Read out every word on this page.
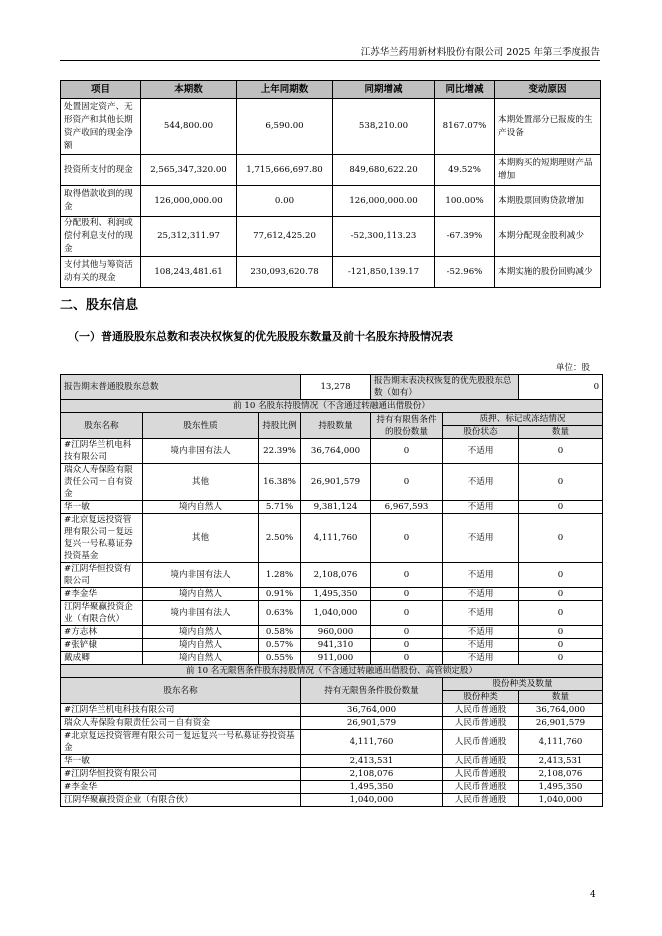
江苏华兰药用新材料股份有限公司 2025 年第三季度报告
项目	本期数	上年同期数	同期增减	同比增减	变动原因
处置固定资产、无形资产和其他长期资产收回的现金净额	544,800.00	6,590.00	538,210.00	8167.07%	本期处置部分已报废的生产设备
投资所支付的现金	2,565,347,320.00	1,715,666,697.80	849,680,622.20	49.52%	本期购买的短期理财产品增加
取得借款收到的现金	126,000,000.00	0.00	126,000,000.00	100.00%	本期股票回购贷款增加
分配股利、利润或偿付利息支付的现金	25,312,311.97	77,612,425.20	-52,300,113.23	-67.39%	本期分配现金股利减少
支付其他与筹资活动有关的现金	108,243,481.61	230,093,620.78	-121,850,139.17	-52.96%	本期实施的股份回购减少
二、股东信息
（一）普通股股东总数和表决权恢复的优先股股东数量及前十名股东持股情况表
单位：股
报告期末普通股股东总数			13,278	报告期末表决权恢复的优先股股东总数（如有）		0
前 10 名股东持股情况（不含通过转融通出借股份）						
股东名称	股东性质	持股比例	持股数量	持有有限售条件的股份数量	质押、标记或冻结情况	
					股份状态	数量
#江阴华兰机电科技有限公司	境内非国有法人	22.39%	36,764,000	0	不适用	0
瑞众人寿保险有限责任公司－自有资金	其他	16.38%	26,901,579	0	不适用	0
华一敏	境内自然人	5.71%	9,381,124	6,967,593	不适用	0
#北京复远投资管理有限公司－复远复兴一号私募证券投资基金	其他	2.50%	4,111,760	0	不适用	0
#江阴华恒投资有限公司	境内非国有法人	1.28%	2,108,076	0	不适用	0
#李金华	境内自然人	0.91%	1,495,350	0	不适用	0
江阴华聚赢投资企业（有限合伙）	境内非国有法人	0.63%	1,040,000	0	不适用	0
#方志林	境内自然人	0.58%	960,000	0	不适用	0
#张铲棣	境内自然人	0.57%	941,310	0	不适用	0
戴成卿	境内自然人	0.55%	911,000	0	不适用	0
前 10 名无限售条件股东持股情况（不含通过转融通出借股份、高管锁定股）						
股东名称			持有无限售条件股份数量		股份种类及数量	
					股份种类	数量
#江阴华兰机电科技有限公司			36,764,000		人民币普通股	36,764,000
瑞众人寿保险有限责任公司－自有资金			26,901,579		人民币普通股	26,901,579
#北京复远投资管理有限公司－复远复兴一号私募证券投资基金			4,111,760		人民币普通股	4,111,760
华一敏			2,413,531		人民币普通股	2,413,531
#江阴华恒投资有限公司			2,108,076		人民币普通股	2,108,076
#李金华			1,495,350		人民币普通股	1,495,350
江阴华聚赢投资企业（有限合伙）			1,040,000		人民币普通股	1,040,000
4
